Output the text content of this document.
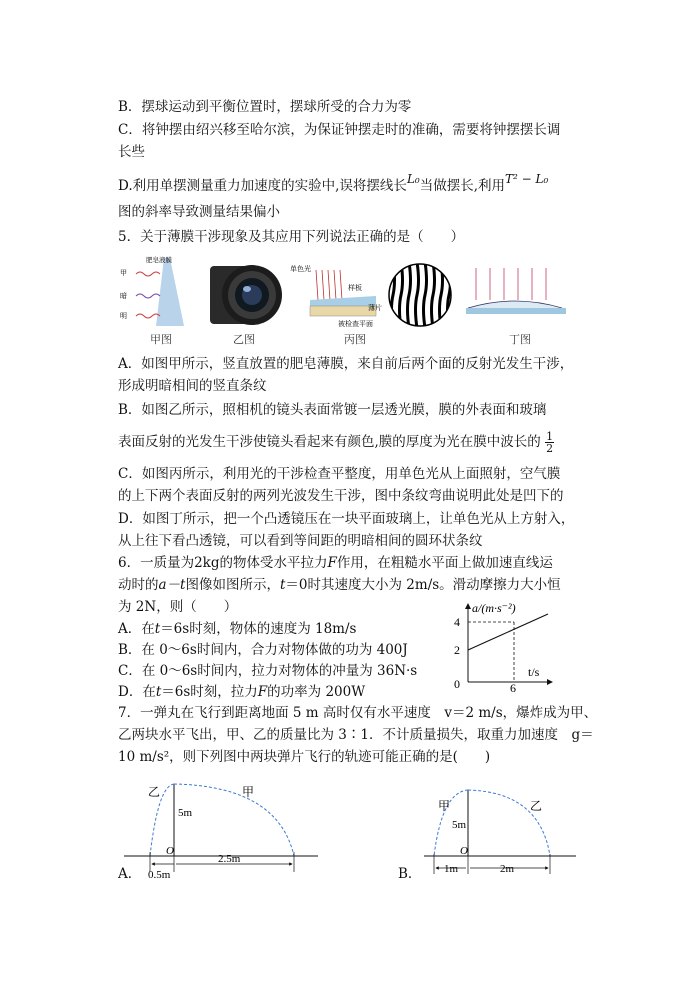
B．摆球运动到平衡位置时，摆球所受的合力为零
C．将钟摆由绍兴移至哈尔滨，为保证钟摆走时的准确，需要将钟摆摆长调
长些
D.利用单摆测量重力加速度的实验中,误将摆线长L₀当做摆长,利用T² − L₀
图的斜率导致测量结果偏小
5．关于薄膜干涉现象及其应用下列说法正确的是（　　）
甲
暗
明
肥皂液膜
甲图	乙图
单色光
样板
薄片
被检查平面
丙图	丁图
A．如图甲所示，竖直放置的肥皂薄膜，来自前后两个面的反射光发生干涉，
形成明暗相间的竖直条纹
B．如图乙所示，照相机的镜头表面常镀一层透光膜，膜的外表面和玻璃
表面反射的光发生干涉使镜头看起来有颜色,膜的厚度为光在膜中波长的 $\frac{1}{2}$
C．如图丙所示，利用光的干涉检查平整度，用单色光从上面照射，空气膜
的上下两个表面反射的两列光波发生干涉，图中条纹弯曲说明此处是凹下的
D．如图丁所示，把一个凸透镜压在一块平面玻璃上，让单色光从上方射入，
从上往下看凸透镜，可以看到等间距的明暗相间的圆环状条纹
6．一质量为2kg的物体受水平拉力F作用，在粗糙水平面上做加速直线运
动时的a－t图像如图所示，t＝0时其速度大小为 2m/s。滑动摩擦力大小恒
为 2N，则（　　）
A．在t＝6s时刻，物体的速度为 18m/s
B．在 0～6s时间内，合力对物体做的功为 400J
C．在 0～6s时间内，拉力对物体的冲量为 36N·s
D．在t＝6s时刻，拉力F的功率为 200W
a/(m·s⁻²)
t/s
4
2
0	6
7．一弹丸在飞行到距离地面 5 m 高时仅有水平速度　v＝2 m/s，爆炸成为甲、
乙两块水平飞出，甲、乙的质量比为 3∶1．不计质量损失，取重力加速度　g＝
10 m/s²，则下列图中两块弹片飞行的轨迹可能正确的是(　　)
乙	甲
5m
O
0.5m
2.5m
A．
甲	乙
5m
O
1m	2m
B．
